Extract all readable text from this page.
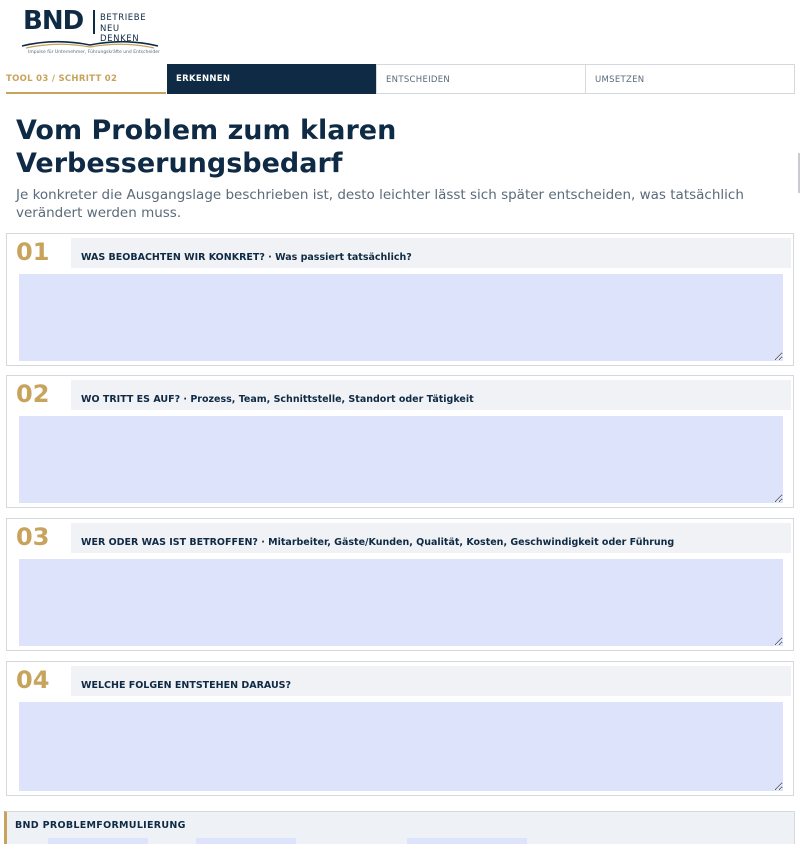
BND BETRIEBE
NEU DENKEN
Impulse für Unternehmer, Führungskräfte und Entscheider
TOOL 03 / SCHRITT 02	ERKENNEN	ENTSCHEIDEN	UMSETZEN
Vom Problem zum klaren
Verbesserungsbedarf
Je konkreter die Ausgangslage beschrieben ist, desto leichter lässt sich später entscheiden, was tatsächlich verändert werden muss.
01	WAS BEOBACHTEN WIR KONKRET? · Was passiert tatsächlich?
02	WO TRITT ES AUF? · Prozess, Team, Schnittstelle, Standort oder Tätigkeit
03	WER ODER WAS IST BETROFFEN? · Mitarbeiter, Gäste/Kunden, Qualität, Kosten, Geschwindigkeit oder Führung
04	WELCHE FOLGEN ENTSTEHEN DARAUS?
BND PROBLEMFORMULIERUNG
